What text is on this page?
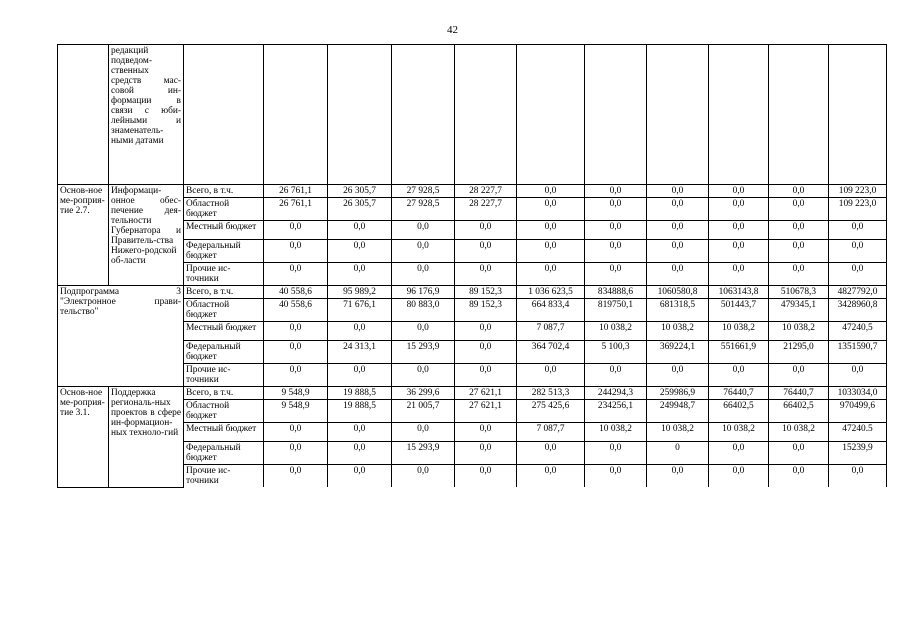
42
	редакций подведом-ственных средств мас-совой ин-формации в связи с юби-лейными и знаменатель-ными датами											
Основ-ное ме-роприя-тие 2.7.	Информаци-онное обес-печение дея-тельности Губернатора и Правитель-ства Нижего-родской об-ласти	Всего, в т.ч.	26 761,1	26 305,7	27 928,5	28 227,7	0,0	0,0	0,0	0,0	0,0	109 223,0
		Областной бюджет	26 761,1	26 305,7	27 928,5	28 227,7	0,0	0,0	0,0	0,0	0,0	109 223,0
		Местный бюджет	0,0	0,0	0,0	0,0	0,0	0,0	0,0	0,0	0,0	0,0
		Федеральный бюджет	0,0	0,0	0,0	0,0	0,0	0,0	0,0	0,0	0,0	0,0
		Прочие ис-точники	0,0	0,0	0,0	0,0	0,0	0,0	0,0	0,0	0,0	0,0
Подпрограмма 3 "Электронное прави-тельство"		Всего, в т.ч.	40 558,6	95 989,2	96 176,9	89 152,3	1 036 623,5	834888,6	1060580,8	1063143,8	510678,3	4827792,0
		Областной бюджет	40 558,6	71 676,1	80 883,0	89 152,3	664 833,4	819750,1	681318,5	501443,7	479345,1	3428960,8
		Местный бюджет	0,0	0,0	0,0	0,0	7 087,7	10 038,2	10 038,2	10 038,2	10 038,2	47240,5
		Федеральный бюджет	0,0	24 313,1	15 293,9	0,0	364 702,4	5 100,3	369224,1	551661,9	21295,0	1351590,7
		Прочие ис-точники	0,0	0,0	0,0	0,0	0,0	0,0	0,0	0,0	0,0	0,0
Основ-ное ме-роприя-тие 3.1.	Поддержка региональ-ных проектов в сфере ин-формацион-ных техноло-гий	Всего, в т.ч.	9 548,9	19 888,5	36 299,6	27 621,1	282 513,3	244294,3	259986,9	76440,7	76440,7	1033034,0
		Областной бюджет	9 548,9	19 888,5	21 005,7	27 621,1	275 425,6	234256,1	249948,7	66402,5	66402,5	970499,6
		Местный бюджет	0,0	0,0	0,0	0,0	7 087,7	10 038,2	10 038,2	10 038,2	10 038,2	47240.5
		Федеральный бюджет	0,0	0,0	15 293,9	0,0	0,0	0,0	0	0,0	0,0	15239,9
		Прочие ис-точники	0,0	0,0	0,0	0,0	0,0	0,0	0,0	0,0	0,0	0,0
